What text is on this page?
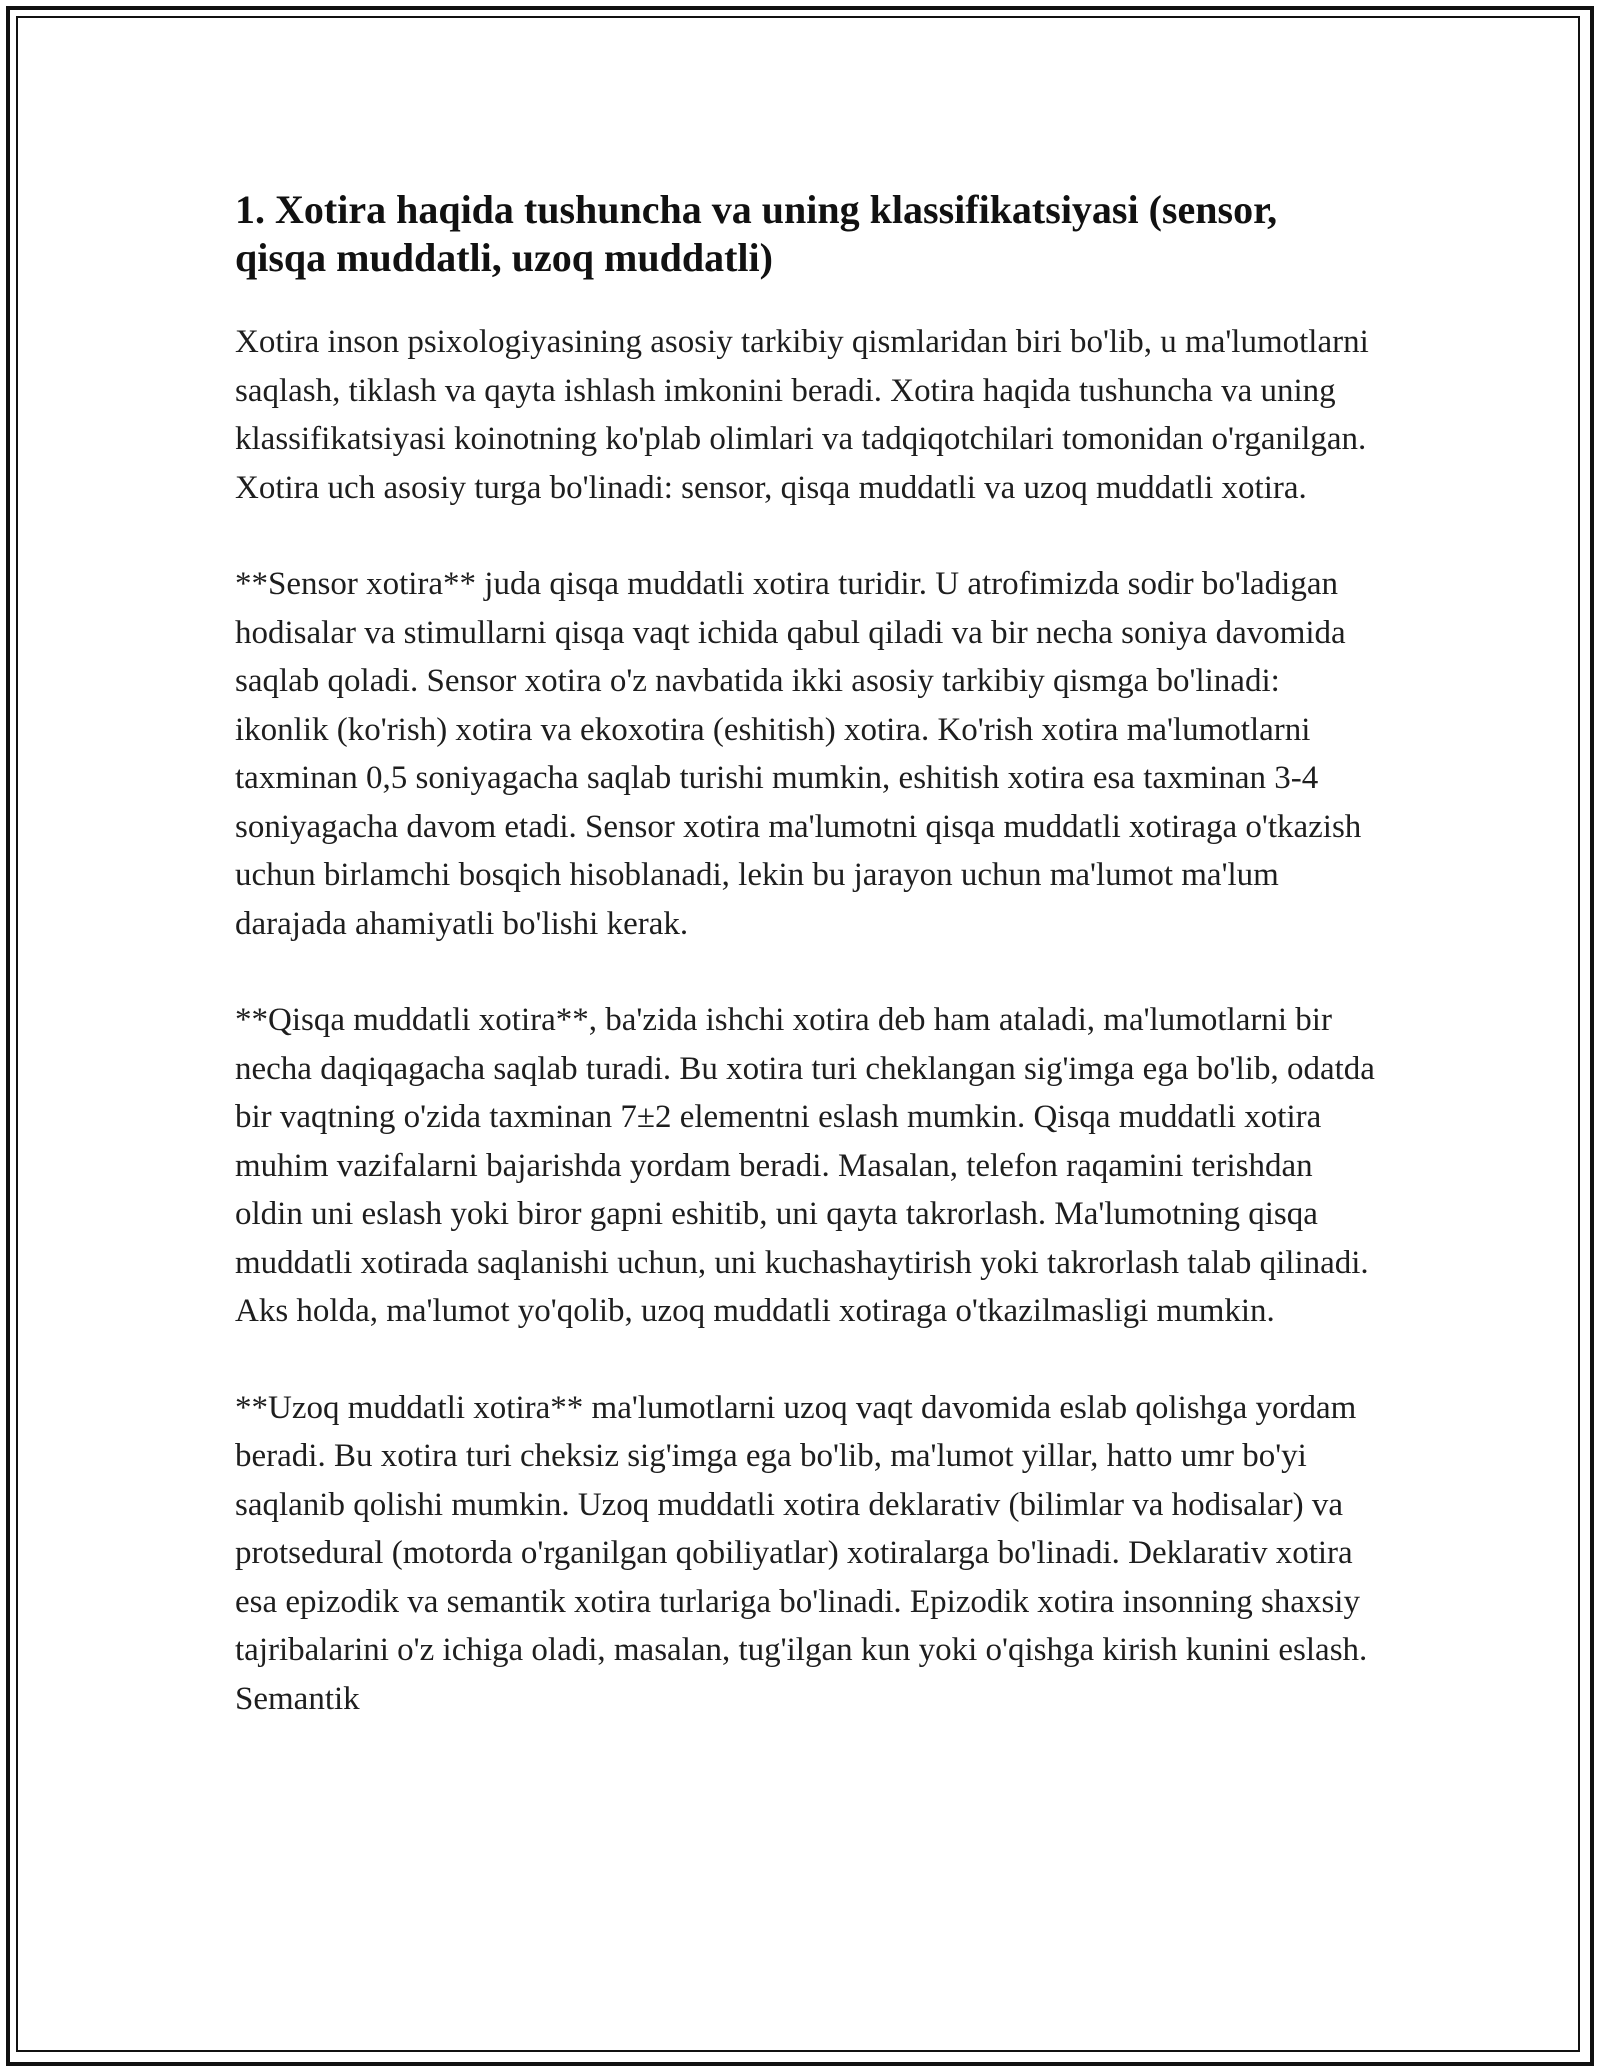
1. Xotira haqida tushuncha va uning klassifikatsiyasi (sensor, qisqa muddatli, uzoq muddatli)

Xotira inson psixologiyasining asosiy tarkibiy qismlaridan biri bo'lib, u ma'lumotlarni saqlash, tiklash va qayta ishlash imkonini beradi. Xotira haqida tushuncha va uning klassifikatsiyasi koinotning ko'plab olimlari va tadqiqotchilari tomonidan o'rganilgan. Xotira uch asosiy turga bo'linadi: sensor, qisqa muddatli va uzoq muddatli xotira.

**Sensor xotira** juda qisqa muddatli xotira turidir. U atrofimizda sodir bo'ladigan hodisalar va stimullarni qisqa vaqt ichida qabul qiladi va bir necha soniya davomida saqlab qoladi. Sensor xotira o'z navbatida ikki asosiy tarkibiy qismga bo'linadi: ikonlik (ko'rish) xotira va ekoxotira (eshitish) xotira. Ko'rish xotira ma'lumotlarni taxminan 0,5 soniyagacha saqlab turishi mumkin, eshitish xotira esa taxminan 3-4 soniyagacha davom etadi. Sensor xotira ma'lumotni qisqa muddatli xotiraga o'tkazish uchun birlamchi bosqich hisoblanadi, lekin bu jarayon uchun ma'lumot ma'lum darajada ahamiyatli bo'lishi kerak.

**Qisqa muddatli xotira**, ba'zida ishchi xotira deb ham ataladi, ma'lumotlarni bir necha daqiqagacha saqlab turadi. Bu xotira turi cheklangan sig'imga ega bo'lib, odatda bir vaqtning o'zida taxminan 7±2 elementni eslash mumkin. Qisqa muddatli xotira muhim vazifalarni bajarishda yordam beradi. Masalan, telefon raqamini terishdan oldin uni eslash yoki biror gapni eshitib, uni qayta takrorlash. Ma'lumotning qisqa muddatli xotirada saqlanishi uchun, uni kuchashaytirish yoki takrorlash talab qilinadi. Aks holda, ma'lumot yo'qolib, uzoq muddatli xotiraga o'tkazilmasligi mumkin.

**Uzoq muddatli xotira** ma'lumotlarni uzoq vaqt davomida eslab qolishga yordam beradi. Bu xotira turi cheksiz sig'imga ega bo'lib, ma'lumot yillar, hatto umr bo'yi saqlanib qolishi mumkin. Uzoq muddatli xotira deklarativ (bilimlar va hodisalar) va protsedural (motorda o'rganilgan qobiliyatlar) xotiralarga bo'linadi. Deklarativ xotira esa epizodik va semantik xotira turlariga bo'linadi. Epizodik xotira insonning shaxsiy tajribalarini o'z ichiga oladi, masalan, tug'ilgan kun yoki o'qishga kirish kunini eslash. Semantik
